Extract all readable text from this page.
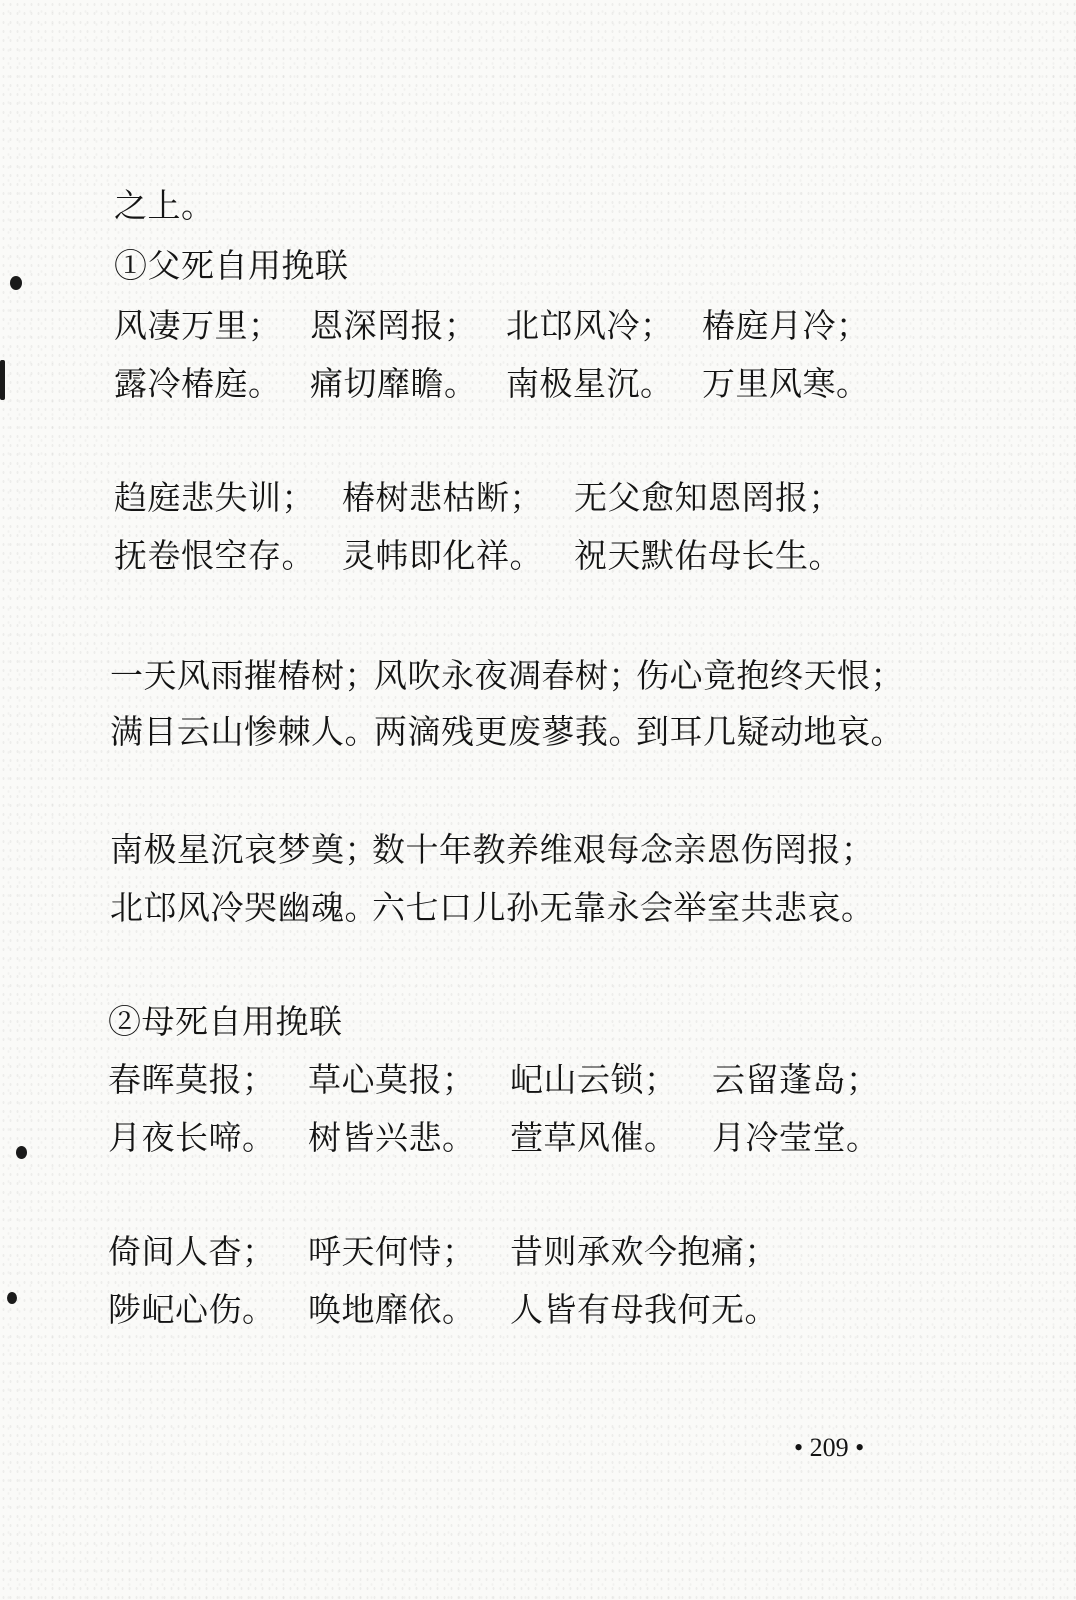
之上。
①父死自用挽联
风凄万里； 恩深罔报； 北邙风冷； 椿庭月冷；
露冷椿庭。 痛切靡瞻。 南极星沉。 万里风寒。
趋庭悲失训； 椿树悲枯断； 无父愈知恩罔报；
抚卷恨空存。 灵帏即化祥。 祝天默佑母长生。
一天风雨摧椿树；
风吹永夜凋春树；
伤心竟抱终天恨；
满目云山惨棘人。
两滴残更废蓼莪。
到耳几疑动地哀。
南极星沉哀梦奠；
数十年教养维艰每念亲恩伤罔报；
北邙风冷哭幽魂。
六七口儿孙无靠永会举室共悲哀。
②母死自用挽联
春晖莫报； 草心莫报； 屺山云锁； 云留蓬岛；
月夜长啼。 树皆兴悲。 萱草风催。 月冷莹堂。
倚间人杳； 呼天何恃； 昔则承欢今抱痛；
陟屺心伤。 唤地靡依。 人皆有母我何无。
• 209 •
